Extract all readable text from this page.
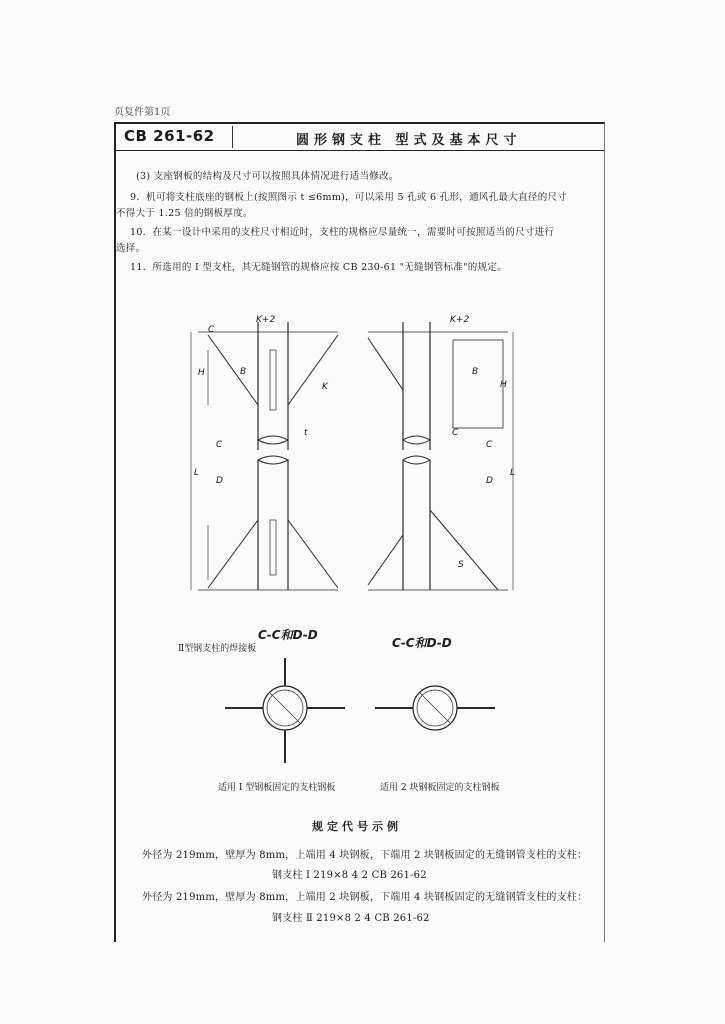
页复件第1页
CB 261-62	圆形钢支柱 型式及基本尺寸
(3) 支座钢板的结构及尺寸可以按照具体情况进行适当修改。
9．机可将支柱底座的钢板上(按照图示 t ≤6mm)，可以采用 5 孔或 6 孔形，通风孔最大直径的尺寸
不得大于 1.25 倍的钢板厚度。
10．在某一设计中采用的支柱尺寸相近时，支柱的规格应尽量统一，需要时可按照适当的尺寸进行
选择。
11．所选用的 I 型支柱，其无缝钢管的规格应按 CB 230-61 "无缝钢管标准"的规定。
C
K+2
H	B
L
C
D
K
t
K+2
B
H
L
C
D
S
C
C-C和D-D
C-C和D-D
Ⅱ型钢支柱的焊接板
适用 I 型钢板固定的支柱钢板	适用 2 块钢板固定的支柱钢板
规定代号示例
外径为 219mm，壁厚为 8mm，上端用 4 块钢板，下端用 2 块钢板固定的无缝钢管支柱的支柱：
钢支柱 I 219×8 4 2 CB 261-62
外径为 219mm，壁厚为 8mm，上端用 2 块钢板，下端用 4 块钢板固定的无缝钢管支柱的支柱：
钢支柱 Ⅱ 219×8 2 4 CB 261-62
